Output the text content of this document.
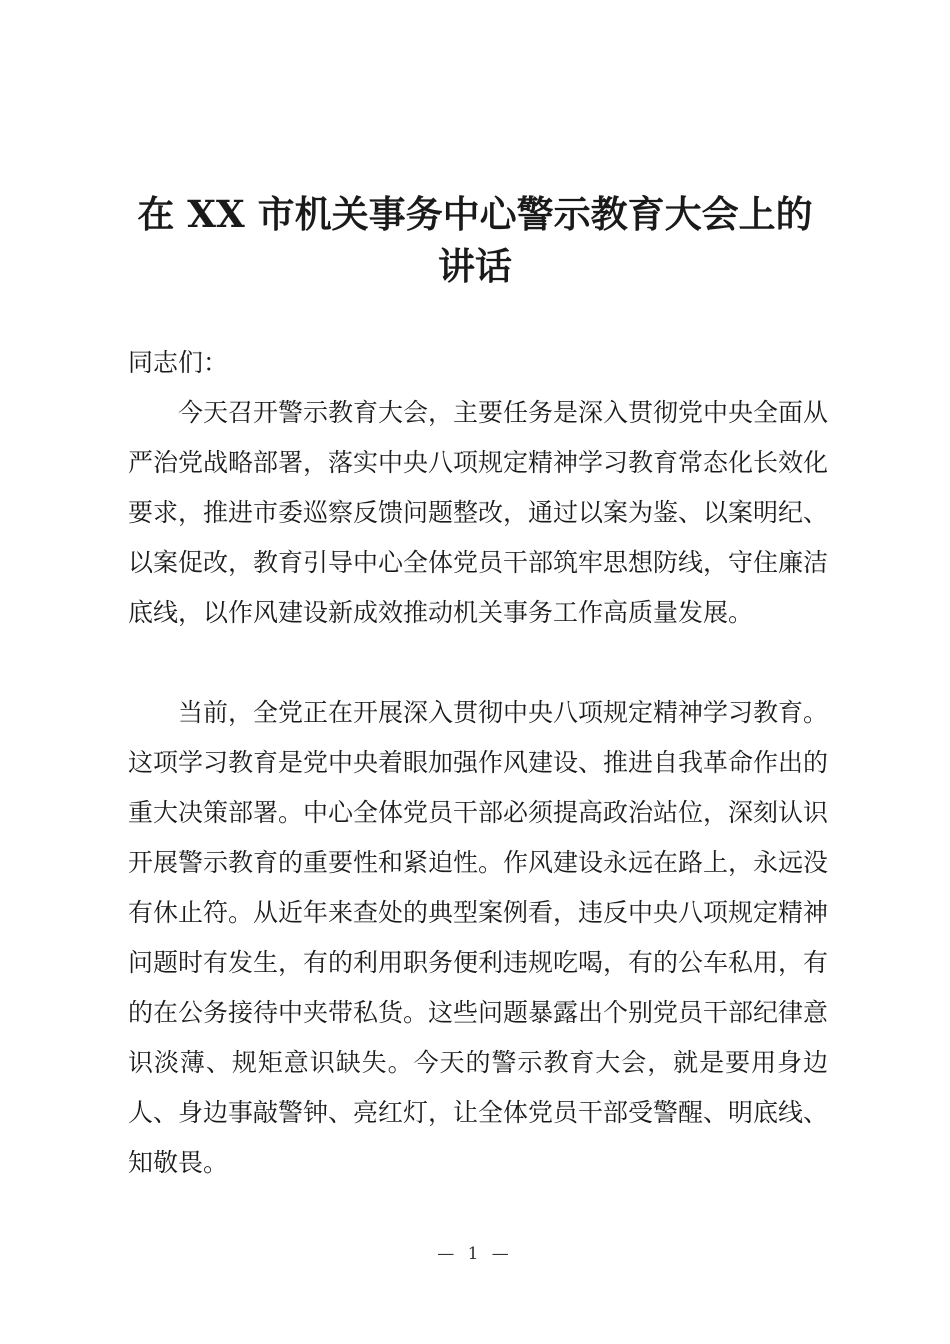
在 XX 市机关事务中心警示教育大会上的
讲话

同志们：

今天召开警示教育大会，主要任务是深入贯彻党中央全面从严治党战略部署，落实中央八项规定精神学习教育常态化长效化要求，推进市委巡察反馈问题整改，通过以案为鉴、以案明纪、以案促改，教育引导中心全体党员干部筑牢思想防线，守住廉洁底线，以作风建设新成效推动机关事务工作高质量发展。

当前，全党正在开展深入贯彻中央八项规定精神学习教育。这项学习教育是党中央着眼加强作风建设、推进自我革命作出的重大决策部署。中心全体党员干部必须提高政治站位，深刻认识开展警示教育的重要性和紧迫性。作风建设永远在路上，永远没有休止符。从近年来查处的典型案例看，违反中央八项规定精神问题时有发生，有的利用职务便利违规吃喝，有的公车私用，有的在公务接待中夹带私货。这些问题暴露出个别党员干部纪律意识淡薄、规矩意识缺失。今天的警示教育大会，就是要用身边人、身边事敲警钟、亮红灯，让全体党员干部受警醒、明底线、知敬畏。

— 1 —
